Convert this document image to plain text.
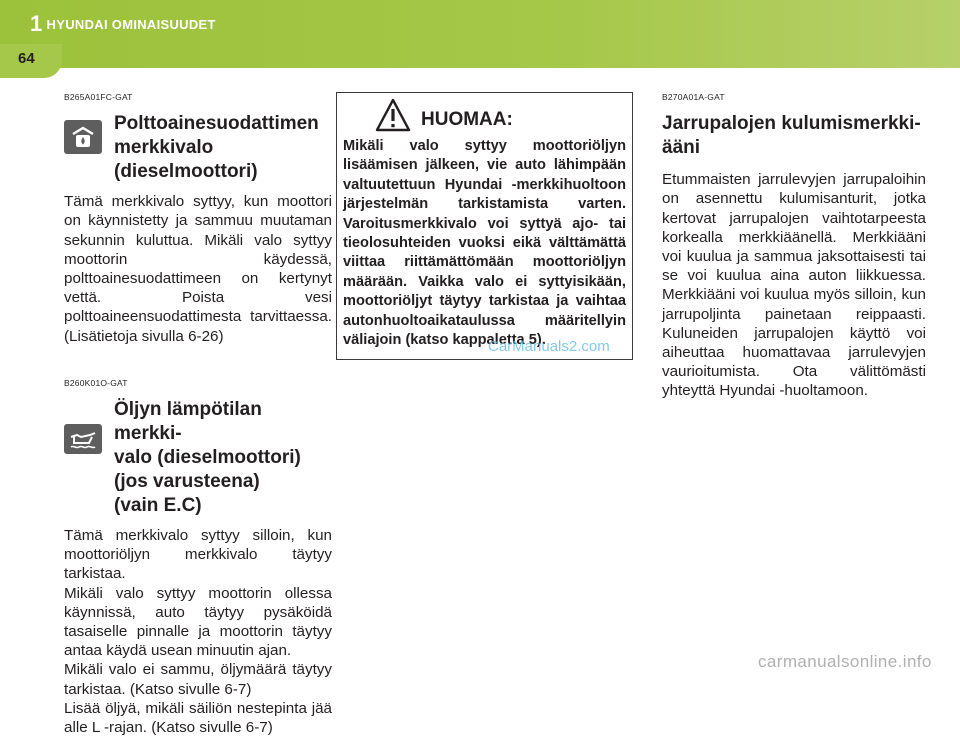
1 HYUNDAI OMINAISUUDET
64
B265A01FC-GAT
Polttoainesuodattimen
merkkivalo
(dieselmoottori)

Tämä merkkivalo syttyy, kun moottori on käynnistetty ja sammuu muutaman sekunnin kuluttua. Mikäli valo syttyy moottorin käydessä, polttoainesuodattimeen on kertynyt vettä. Poista vesi polttoaineensuodattimesta tarvittaessa. (Lisätietoja sivulla 6-26)

B260K01O-GAT
Öljyn lämpötilan merkki-
valo (dieselmoottori)
(jos varusteena)
(vain E.C)

Tämä merkkivalo syttyy silloin, kun moottoriöljyn merkkivalo täytyy tarkistaa.

Mikäli valo syttyy moottorin ollessa käynnissä, auto täytyy pysäköidä tasaiselle pinnalle ja moottorin täytyy antaa käydä usean minuutin ajan.

Mikäli valo ei sammu, öljymäärä täytyy tarkistaa. (Katso sivulle 6-7)

Lisää öljyä, mikäli säiliön nestepinta jää alle L -rajan. (Katso sivulle 6-7)

HUOMAA:
Mikäli valo syttyy moottoriöljyn lisäämisen jälkeen, vie auto lähimpään valtuutettuun Hyundai -merkkihuoltoon järjestelmän tarkistamista varten. Varoitusmerkkivalo voi syttyä ajo- tai tieolosuhteiden vuoksi eikä välttämättä viittaa riittämättömään moottoriöljyn määrään. Vaikka valo ei syttyisikään, moottoriöljyt täytyy tarkistaa ja vaihtaa autonhuoltoaikataulussa määritellyin väliajoin (katso kappaletta 5).
CarManuals2.com
B270A01A-GAT
Jarrupalojen kulumismerkki-
ääni

Etummaisten jarrulevyjen jarrupaloihin on asennettu kulumisanturit, jotka kertovat jarrupalojen vaihtotarpeesta korkealla merkkiäänellä. Merkkiääni voi kuulua ja sammua jaksottaisesti tai se voi kuulua aina auton liikkuessa. Merkkiääni voi kuulua myös silloin, kun jarrupoljinta painetaan reippaasti. Kuluneiden jarrupalojen käyttö voi aiheuttaa huomattavaa jarrulevyjen vaurioitumista. Ota välittömästi yhteyttä Hyundai -huoltamoon.

carmanualsonline.info
